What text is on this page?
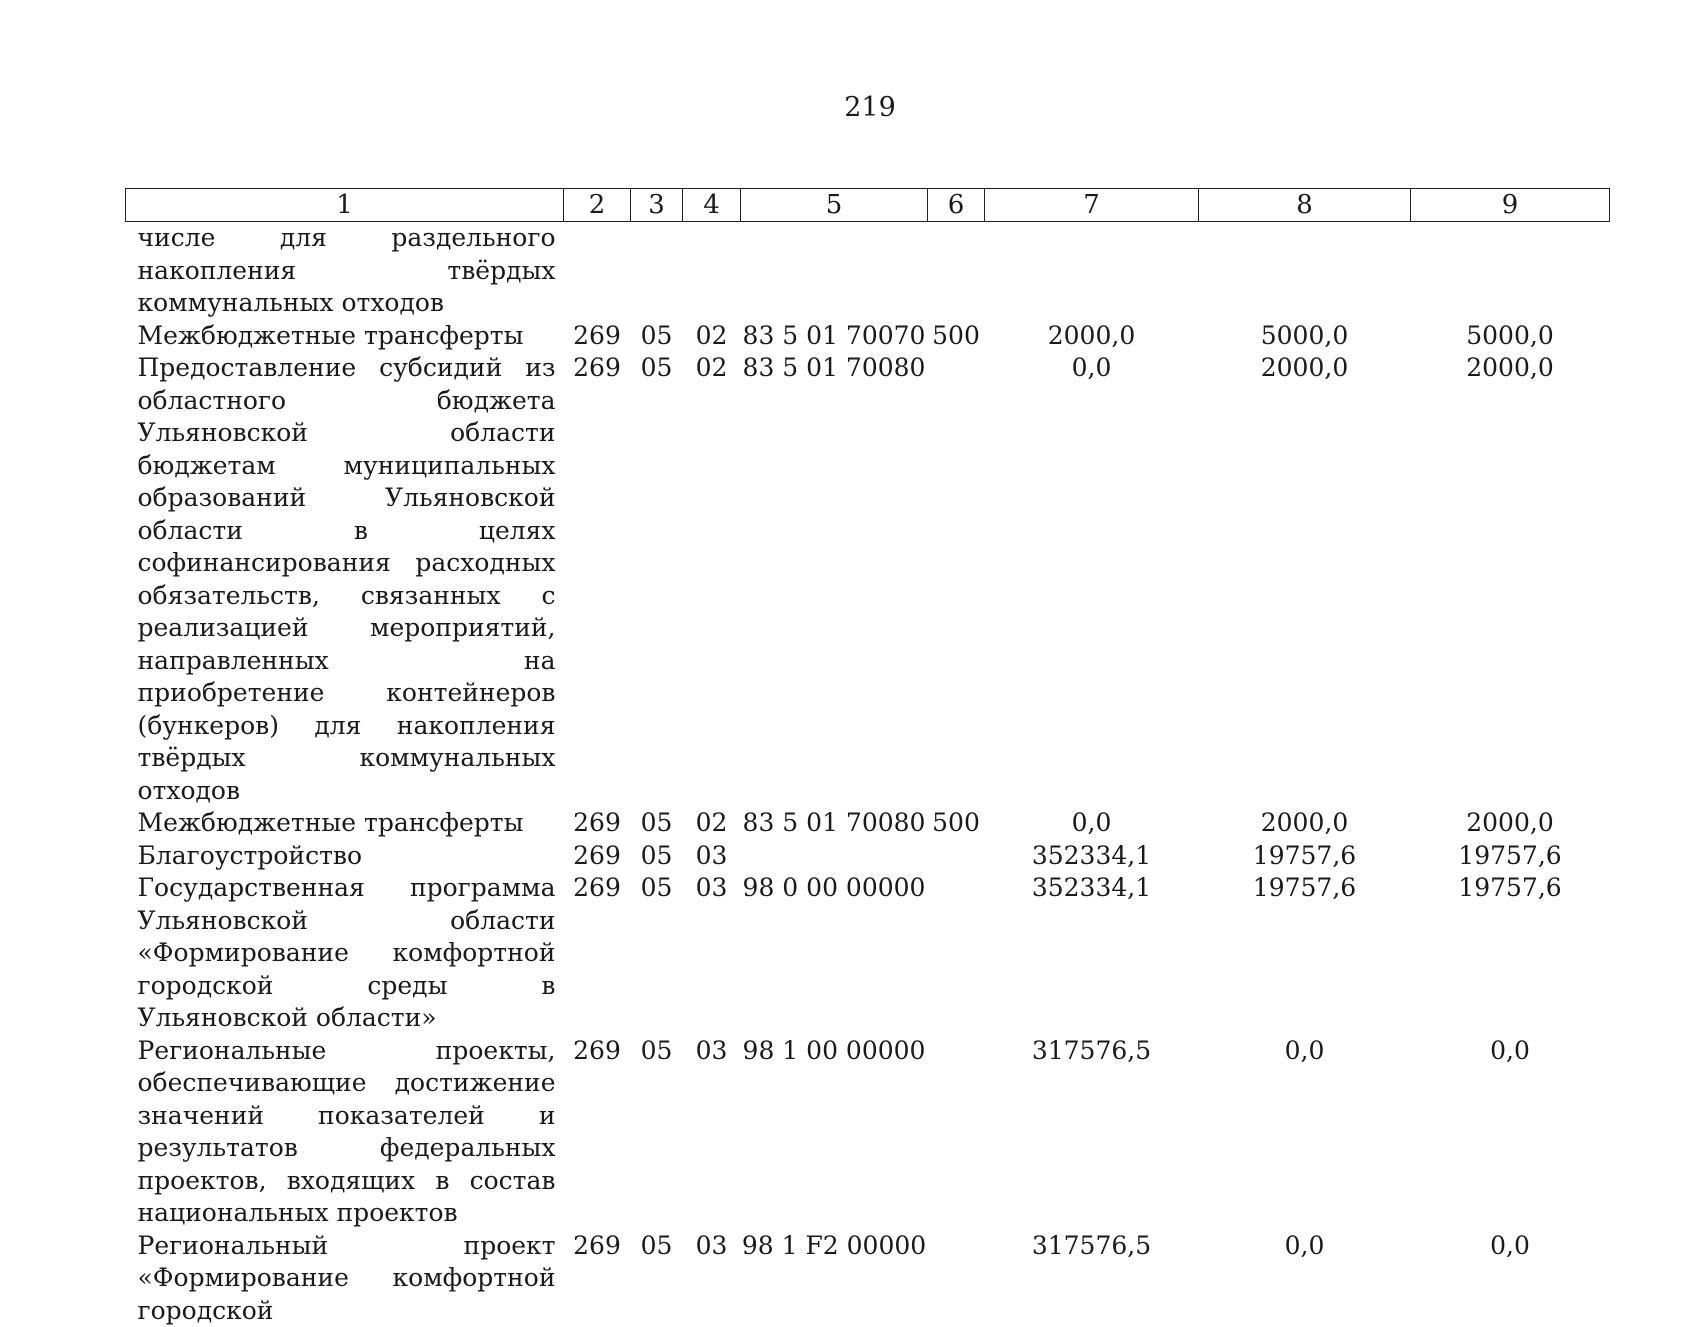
219
1	2	3	4	5	6	7	8	9
числе для раздельного накопления твёрдых коммунальных отходов								
Межбюджетные трансферты	269	05	02	83 5 01 70070	500	2000,0	5000,0	5000,0
Предоставление субсидий из областного бюджета Ульяновской области бюджетам муниципальных образований Ульяновской области в целях софинансирования расходных обязательств, связанных с реализацией мероприятий, направленных на приобретение контейнеров (бункеров) для накопления твёрдых коммунальных отходов	269	05	02	83 5 01 70080		0,0	2000,0	2000,0
Межбюджетные трансферты	269	05	02	83 5 01 70080	500	0,0	2000,0	2000,0
Благоустройство	269	05	03			352334,1	19757,6	19757,6
Государственная программа Ульяновской области «Формирование комфортной городской среды в Ульяновской области»	269	05	03	98 0 00 00000		352334,1	19757,6	19757,6
Региональные проекты, обеспечивающие достижение значений показателей и результатов федеральных проектов, входящих в состав национальных проектов	269	05	03	98 1 00 00000		317576,5	0,0	0,0
Региональный проект «Формирование комфортной городской	269	05	03	98 1 F2 00000		317576,5	0,0	0,0
